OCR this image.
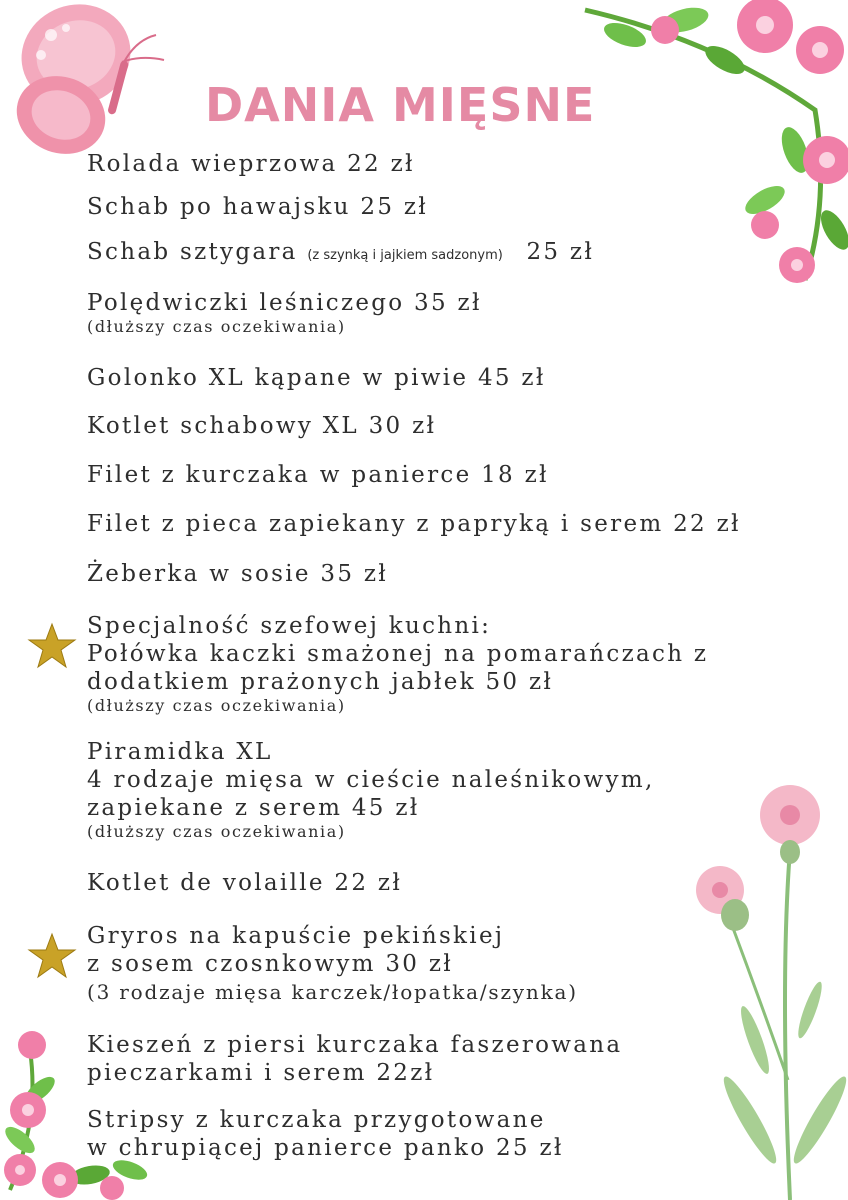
DANIA MIĘSNE
Rolada wieprzowa 22 zł
Schab po hawajsku 25 zł
Schab sztygara (z szynką i jajkiem sadzonym) 25 zł
Polędwiczki leśniczego 35 zł
(dłuższy czas oczekiwania)
Golonko XL kąpane w piwie 45 zł
Kotlet schabowy XL 30 zł
Filet z kurczaka w panierce 18 zł
Filet z pieca zapiekany z papryką i serem 22 zł
Żeberka w sosie 35 zł
Specjalność szefowej kuchni:
Połówka kaczki smażonej na pomarańczach z
dodatkiem prażonych jabłek 50 zł
(dłuższy czas oczekiwania)
Piramidka XL
4 rodzaje mięsa w cieście naleśnikowym,
zapiekane z serem 45 zł
(dłuższy czas oczekiwania)
Kotlet de volaille 22 zł
Gryros na kapuście pekińskiej
z sosem czosnkowym 30 zł
(3 rodzaje mięsa karczek/łopatka/szynka)
Kieszeń z piersi kurczaka faszerowana
pieczarkami i serem 22zł
Stripsy z kurczaka przygotowane
w chrupiącej panierce panko 25 zł
